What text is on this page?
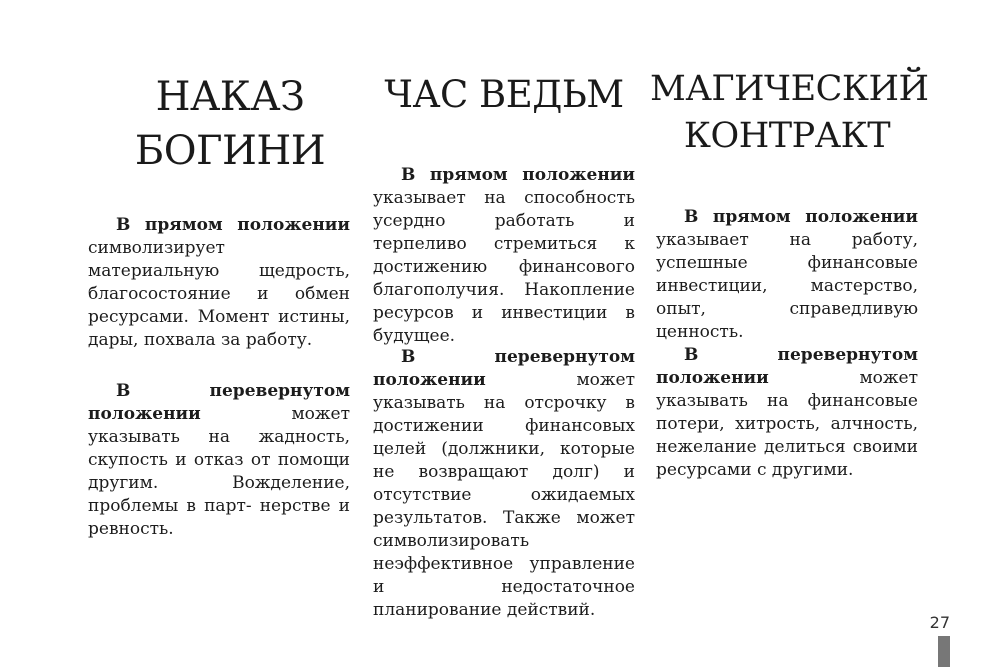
НАКАЗ
БОГИНИ
В прямом положении символизирует материальную щедрость, благосостояние и обмен ресурсами. Момент истины, дары, похвала за работу.
В перевернутом положении	может указывать на жадность, скупость и отказ от помощи другим. Вожделение, проблемы в парт- нерстве и ревность.
ЧАС ВЕДЬМ
В прямом положении указывает на способность усердно работать и терпеливо стремиться к достижению финансового благополучия. Накопление ресурсов и инвестиции в будущее.
В перевернутом положении	может указывать на отсрочку в достижении финансовых целей (должники, которые не возвращают долг) и отсутствие ожидаемых результатов. Также может символизировать неэффективное управление и недостаточное планирование действий.
МАГИЧЕСКИЙ
КОНТРАКТ
В прямом положении указывает на работу, успешные финансовые инвестиции, мастерство, опыт, справедливую ценность.
В перевернутом положении	может указывать на финансовые потери, хитрость, алчность, нежелание делиться своими ресурсами с другими.
27
